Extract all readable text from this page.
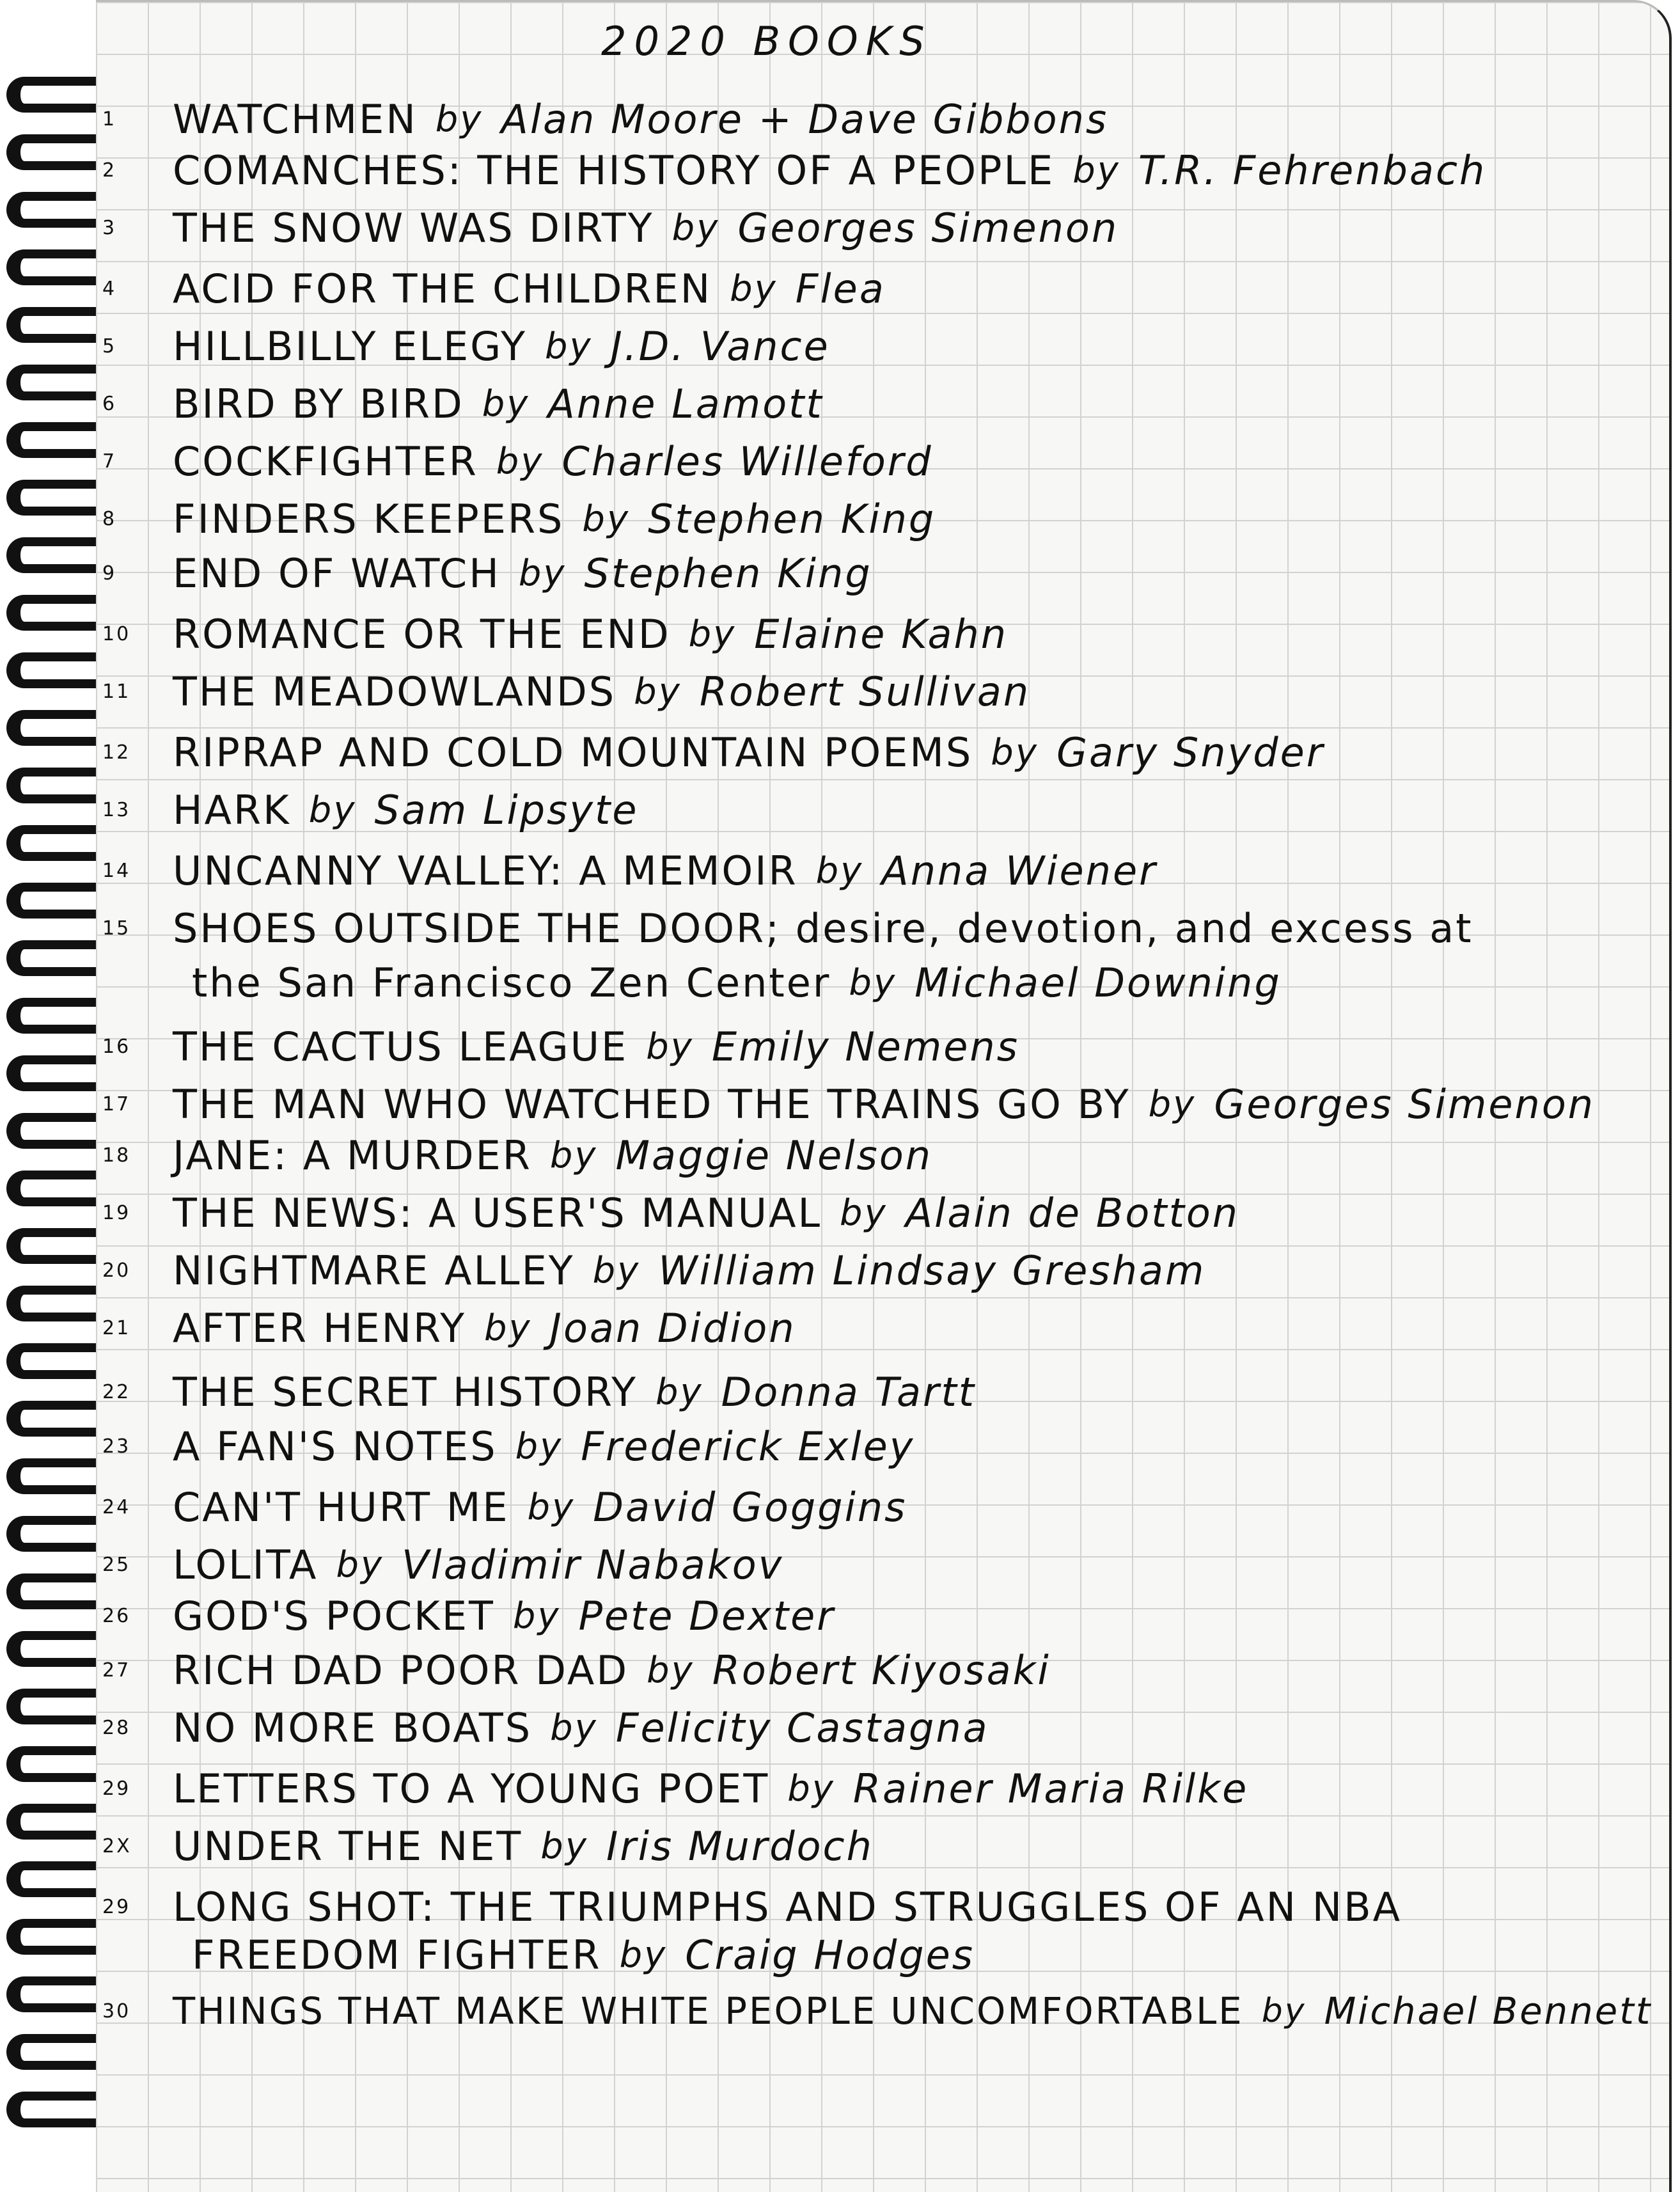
2020 BOOKS
1 WATCHMEN by Alan Moore + Dave Gibbons
2 COMANCHES: THE HISTORY OF A PEOPLE by T.R. Fehrenbach
3 THE SNOW WAS DIRTY by Georges Simenon
4 ACID FOR THE CHILDREN by Flea
5 HILLBILLY ELEGY by J.D. Vance
6 BIRD BY BIRD by Anne Lamott
7 COCKFIGHTER by Charles Willeford
8 FINDERS KEEPERS by Stephen King
9 END OF WATCH by Stephen King
10 ROMANCE OR THE END by Elaine Kahn
11 THE MEADOWLANDS by Robert Sullivan
12 RIPRAP AND COLD MOUNTAIN POEMS by Gary Snyder
13 HARK by Sam Lipsyte
14 UNCANNY VALLEY: A MEMOIR by Anna Wiener
15 SHOES OUTSIDE THE DOOR; desire, devotion, and excess at
the San Francisco Zen Center by Michael Downing
16 THE CACTUS LEAGUE by Emily Nemens
17 THE MAN WHO WATCHED THE TRAINS GO BY by Georges Simenon
18 JANE: A MURDER by Maggie Nelson
19 THE NEWS: A USER'S MANUAL by Alain de Botton
20 NIGHTMARE ALLEY by William Lindsay Gresham
21 AFTER HENRY by Joan Didion
22 THE SECRET HISTORY by Donna Tartt
23 A FAN'S NOTES by Frederick Exley
24 CAN'T HURT ME by David Goggins
25 LOLITA by Vladimir Nabakov
26 GOD'S POCKET by Pete Dexter
27 RICH DAD POOR DAD by Robert Kiyosaki
28 NO MORE BOATS by Felicity Castagna
29 LETTERS TO A YOUNG POET by Rainer Maria Rilke
2X UNDER THE NET by Iris Murdoch
29 LONG SHOT: THE TRIUMPHS AND STRUGGLES OF AN NBA
FREEDOM FIGHTER by Craig Hodges
30 THINGS THAT MAKE WHITE PEOPLE UNCOMFORTABLE by Michael Bennett
